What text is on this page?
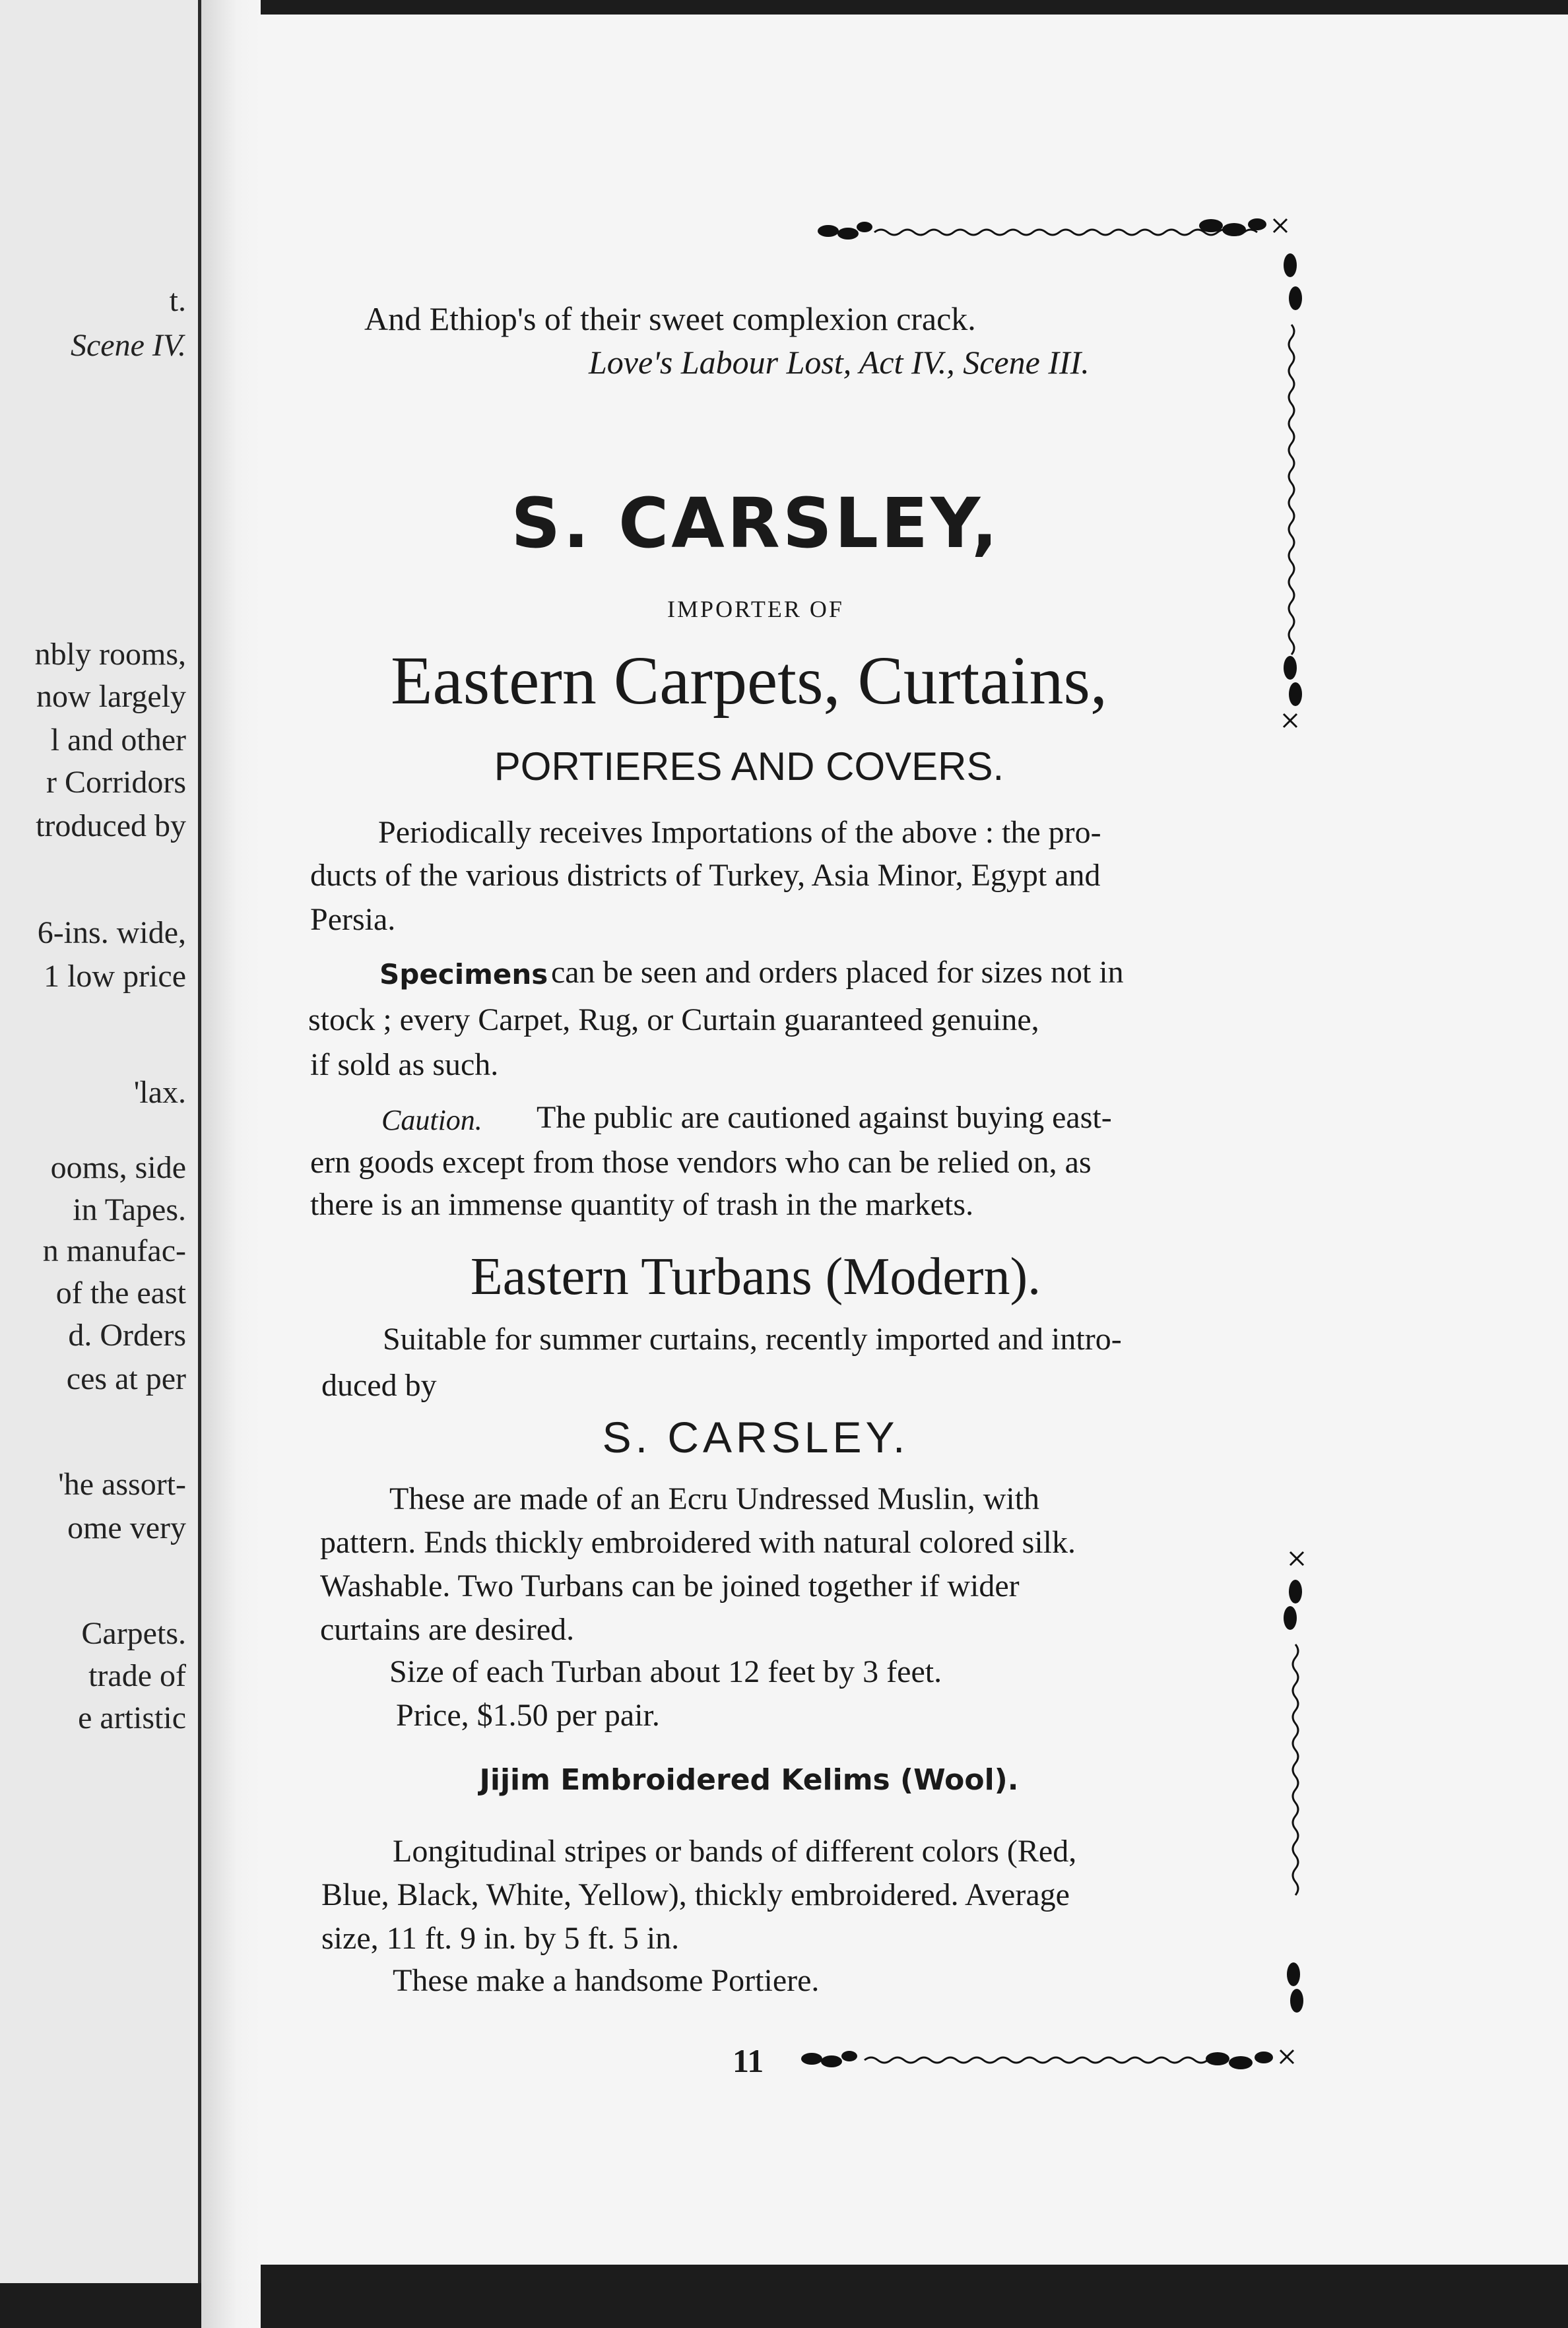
t.
Scene IV.
nbly rooms,
now largely
l and other
r Corridors
troduced by
6-ins. wide,
1 low price
'lax.
ooms, side
in Tapes.
n manufac-
of the east
d. Orders
ces at per
'he assort-
ome very
Carpets.
trade of
e artistic
And Ethiop's of their sweet complexion crack.
Love's Labour Lost, Act IV., Scene III.
S. CARSLEY,
IMPORTER OF
Eastern Carpets, Curtains,
PORTIERES AND COVERS.
Periodically receives Importations of the above : the pro-
ducts of the various districts of Turkey, Asia Minor, Egypt and
Persia.
Specimens can be seen and orders placed for sizes not in
stock ; every Carpet, Rug, or Curtain guaranteed genuine,
if sold as such.
Caution. The public are cautioned against buying east-
ern goods except from those vendors who can be relied on, as
there is an immense quantity of trash in the markets.
Eastern Turbans (Modern).
Suitable for summer curtains, recently imported and intro-
duced by
S. CARSLEY.
These are made of an Ecru Undressed Muslin, with
pattern. Ends thickly embroidered with natural colored silk.
Washable. Two Turbans can be joined together if wider
curtains are desired.
Size of each Turban about 12 feet by 3 feet.
Price, $1.50 per pair.
Jijim Embroidered Kelims (Wool).
Longitudinal stripes or bands of different colors (Red,
Blue, Black, White, Yellow), thickly embroidered. Average
size, 11 ft. 9 in. by 5 ft. 5 in.
These make a handsome Portiere.
11
